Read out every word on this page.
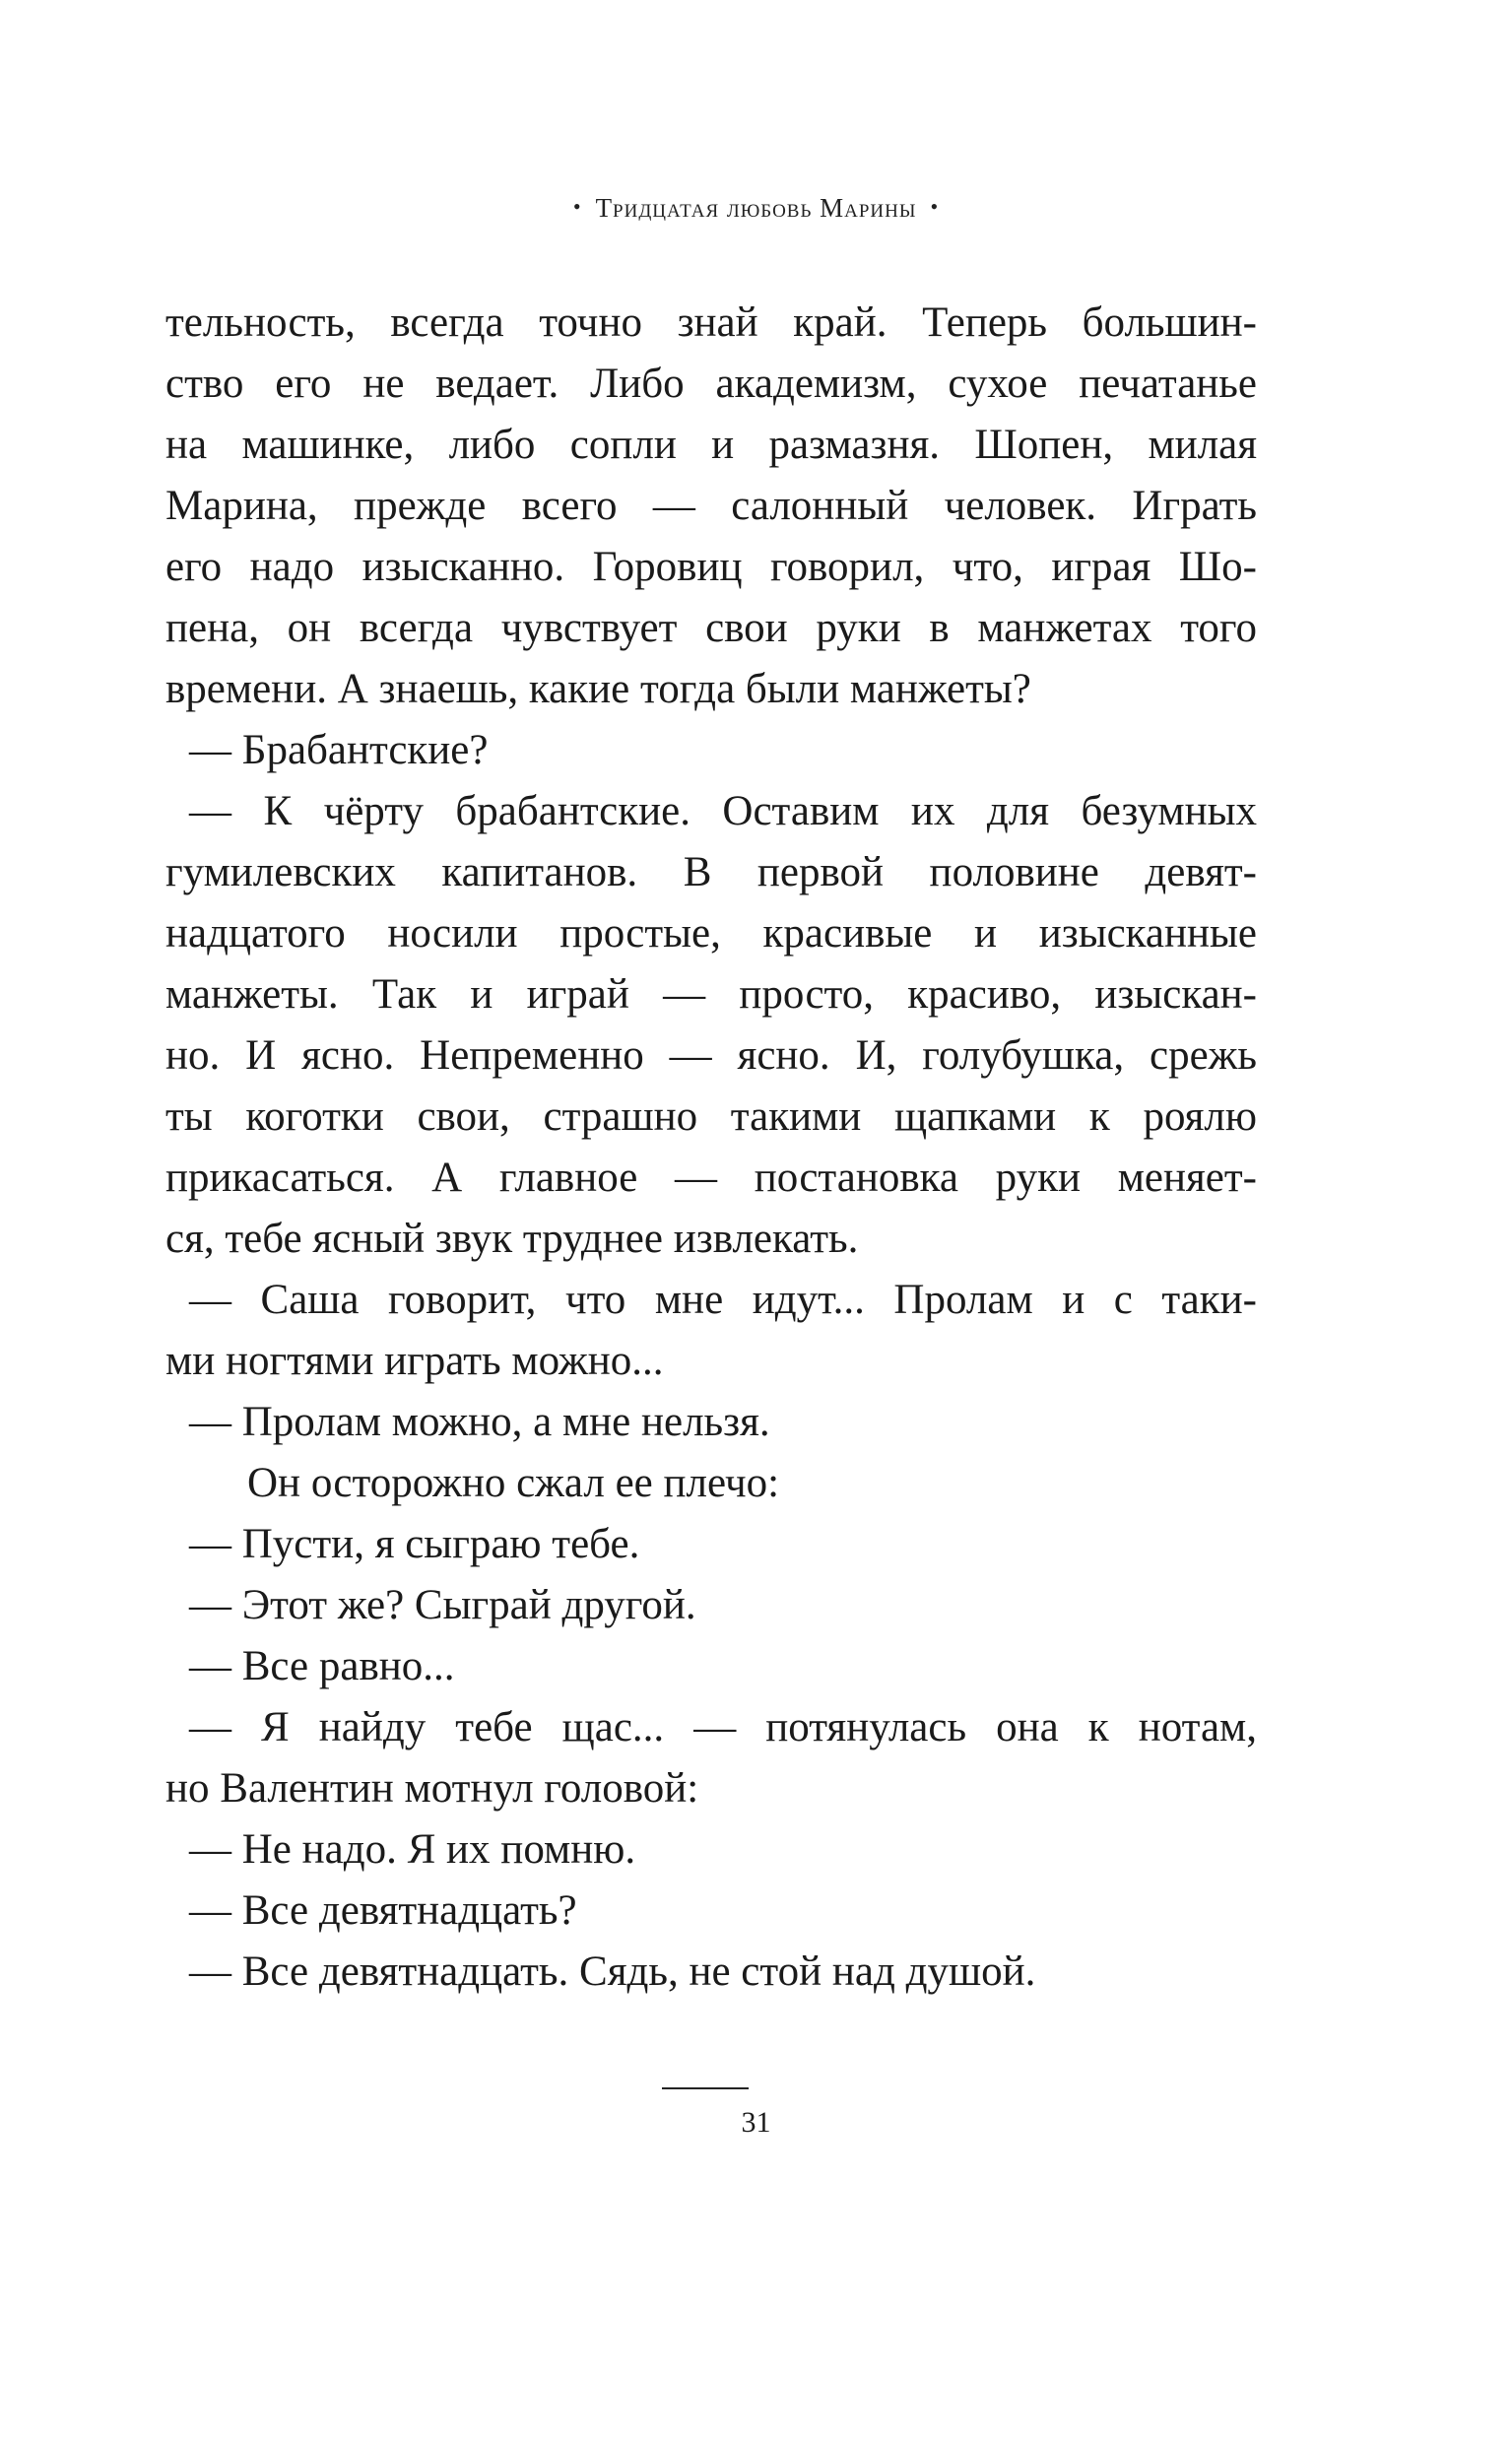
• Тридцатая любовь Марины •
тельность, всегда точно знай край. Теперь большин-
ство его не ведает. Либо академизм, сухое печатанье
на машинке, либо сопли и размазня. Шопен, милая
Марина, прежде всего — салонный человек. Играть
его надо изысканно. Горовиц говорил, что, играя Шо-
пена, он всегда чувствует свои руки в манжетах того
времени. А знаешь, какие тогда были манжеты?
— Брабантские?
— К чёрту брабантские. Оставим их для безумных
гумилевских капитанов. В первой половине девят-
надцатого носили простые, красивые и изысканные
манжеты. Так и играй — просто, красиво, изыскан-
но. И ясно. Непременно — ясно. И, голубушка, срежь
ты коготки свои, страшно такими щапками к роялю
прикасаться. А главное — постановка руки меняет-
ся, тебе ясный звук труднее извлекать.
— Саша говорит, что мне идут... Пролам и с таки-
ми ногтями играть можно...
— Пролам можно, а мне нельзя.
Он осторожно сжал ее плечо:
— Пусти, я сыграю тебе.
— Этот же? Сыграй другой.
— Все равно...
— Я найду тебе щас... — потянулась она к нотам,
но Валентин мотнул головой:
— Не надо. Я их помню.
— Все девятнадцать?
— Все девятнадцать. Сядь, не стой над душой.
31
